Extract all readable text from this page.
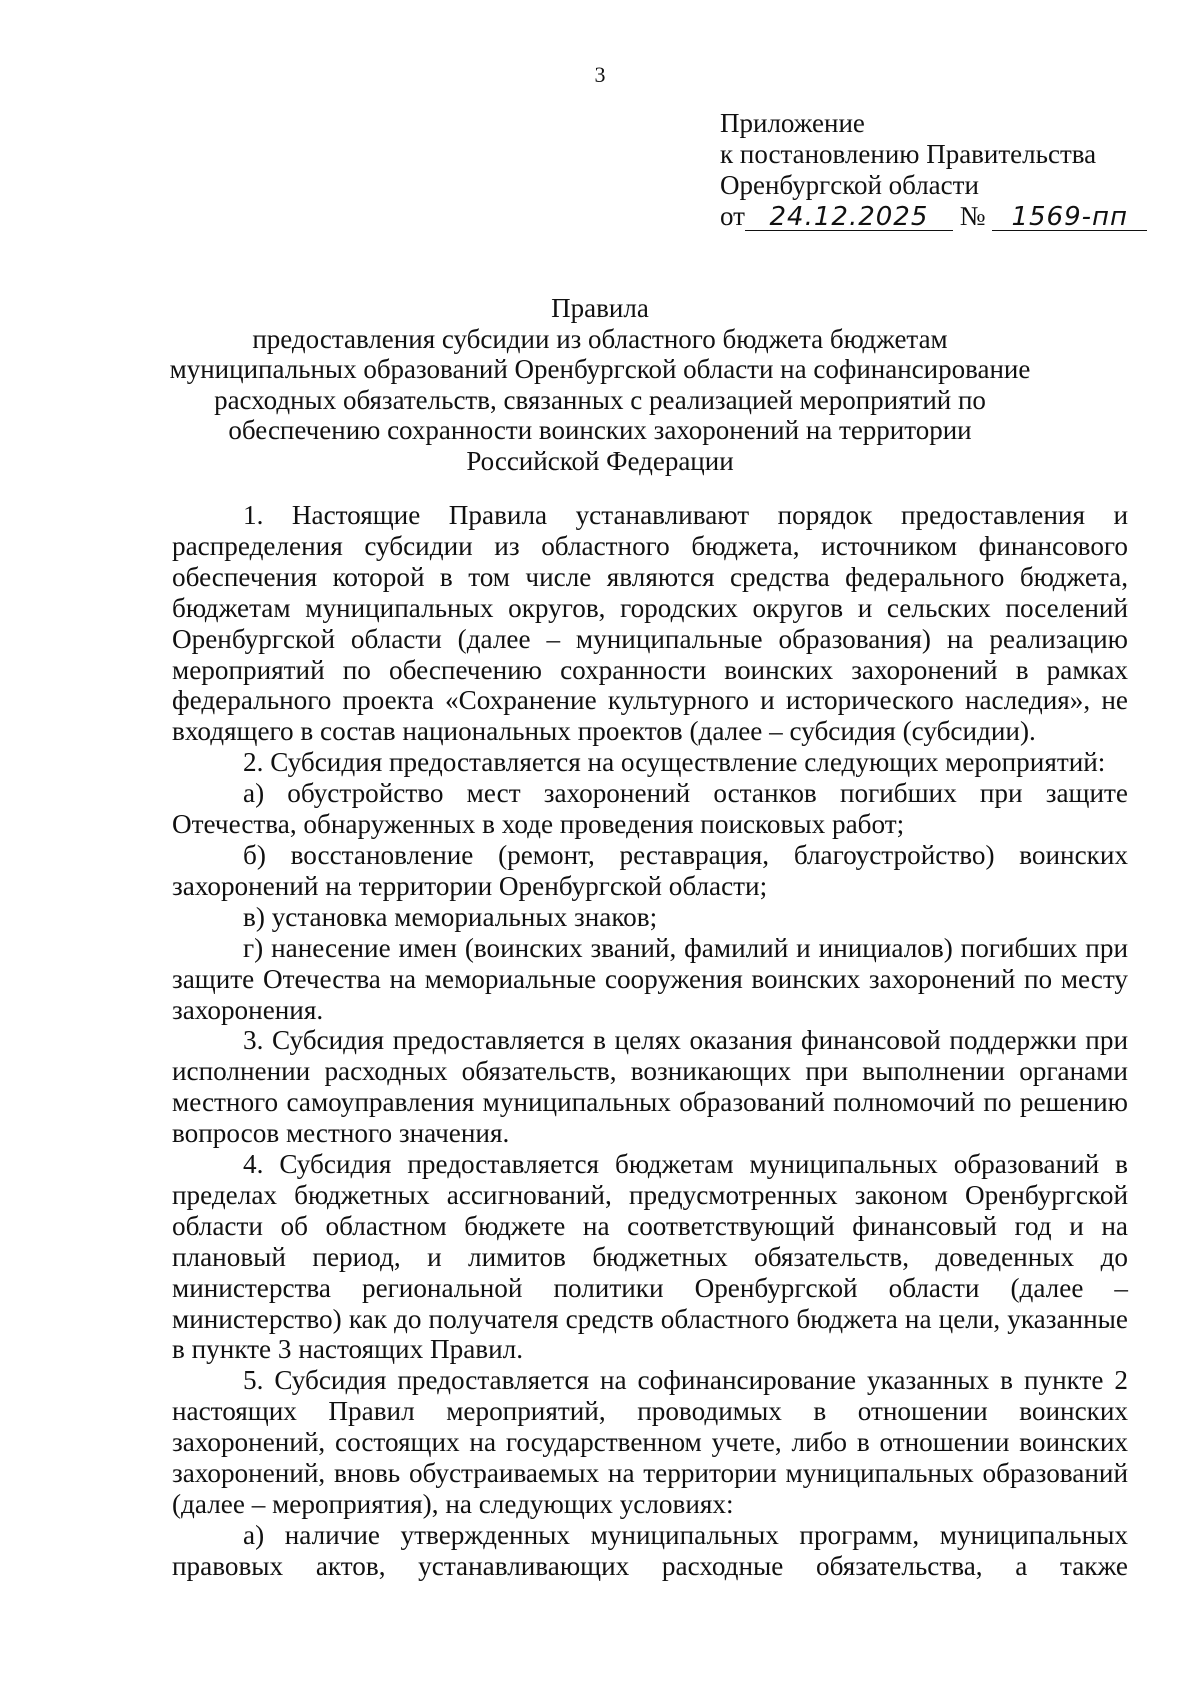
3
Приложение
к постановлению Правительства
Оренбургской области
от 24.12.2025 № 1569-пп
Правила
предоставления субсидии из областного бюджета бюджетам
муниципальных образований Оренбургской области на софинансирование
расходных обязательств, связанных с реализацией мероприятий по
обеспечению сохранности воинских захоронений на территории
Российской Федерации

1. Настоящие Правила устанавливают порядок предоставления и распределения субсидии из областного бюджета, источником финансового обеспечения которой в том числе являются средства федерального бюджета, бюджетам муниципальных округов, городских округов и сельских поселений Оренбургской области (далее – муниципальные образования) на реализацию мероприятий по обеспечению сохранности воинских захоронений в рамках федерального проекта «Сохранение культурного и исторического наследия», не входящего в состав национальных проектов (далее – субсидия (субсидии).

2. Субсидия предоставляется на осуществление следующих мероприятий:

а) обустройство мест захоронений останков погибших при защите Отечества, обнаруженных в ходе проведения поисковых работ;

б) восстановление (ремонт, реставрация, благоустройство) воинских захоронений на территории Оренбургской области;

в) установка мемориальных знаков;

г) нанесение имен (воинских званий, фамилий и инициалов) погибших при защите Отечества на мемориальные сооружения воинских захоронений по месту захоронения.

3. Субсидия предоставляется в целях оказания финансовой поддержки при исполнении расходных обязательств, возникающих при выполнении органами местного самоуправления муниципальных образований полномочий по решению вопросов местного значения.

4. Субсидия предоставляется бюджетам муниципальных образований в пределах бюджетных ассигнований, предусмотренных законом Оренбургской области об областном бюджете на соответствующий финансовый год и на плановый период, и лимитов бюджетных обязательств, доведенных до министерства региональной политики Оренбургской области (далее – министерство) как до получателя средств областного бюджета на цели, указанные в пункте 3 настоящих Правил.

5. Субсидия предоставляется на софинансирование указанных в пункте 2 настоящих Правил мероприятий, проводимых в отношении воинских захоронений, состоящих на государственном учете, либо в отношении воинских захоронений, вновь обустраиваемых на территории муниципальных образований (далее – мероприятия), на следующих условиях:

а) наличие утвержденных муниципальных программ, муниципальных правовых актов, устанавливающих расходные обязательства, а также
